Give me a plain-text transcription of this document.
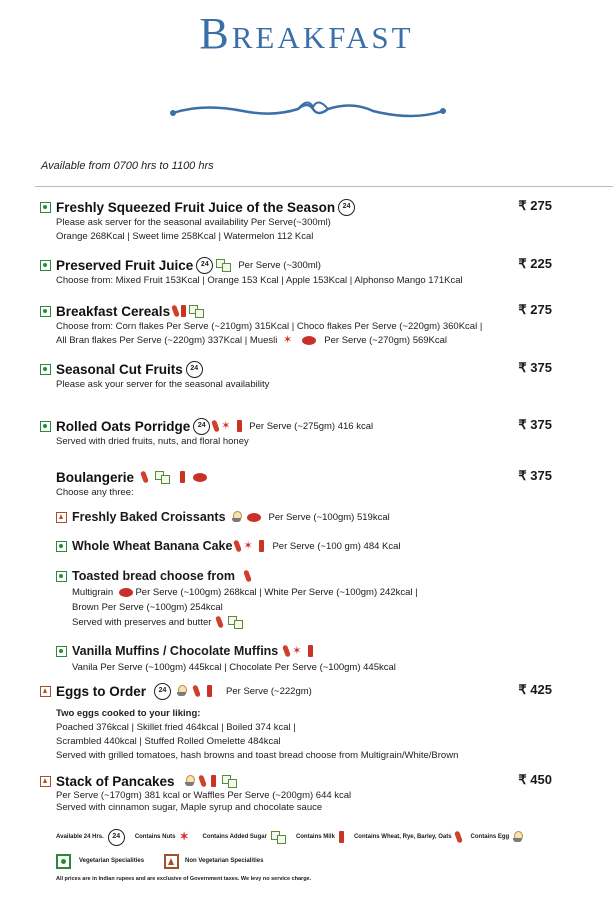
Breakfast
Available from 0700 hrs to 1100 hrs
Freshly Squeezed Fruit Juice of the Season	24	₹ 275
Please ask server for the seasonal availability Per Serve(~300ml)
Orange 268Kcal | Sweet lime 258Kcal | Watermelon 112 Kcal
Preserved Fruit Juice	24	Per Serve (~300ml)	₹ 225
Choose from: Mixed Fruit 153Kcal | Orange 153 Kcal | Apple 153Kcal | Alphonso Mango 171Kcal
Breakfast Cereals	₹ 275
Choose from: Corn flakes Per Serve (~210gm) 315Kcal | Choco flakes Per Serve (~220gm) 360Kcal |
All Bran flakes Per Serve (~220gm) 337Kcal | Muesli ✶	Per Serve (~270gm) 569Kcal
Seasonal Cut Fruits	24	₹ 375
Please ask your server for the seasonal availability
Rolled Oats Porridge	24 ✶	Per Serve (~275gm) 416 kcal	₹ 375
Served with dried fruits, nuts, and floral honey
Boulangerie	₹ 375
Choose any three:
Freshly Baked Croissants	Per Serve (~100gm) 519kcal
Whole Wheat Banana Cake ✶	Per Serve (~100 gm) 484 Kcal
Toasted bread choose from
Multigrain Per Serve (~100gm) 268kcal | White Per Serve (~100gm) 242kcal |
Brown Per Serve (~100gm) 254kcal
Served with preserves and butter
Vanilla Muffins / Chocolate Muffins
✶
Vanila Per Serve (~100gm) 445kcal | Chocolate Per Serve (~100gm) 445kcal
Eggs to Order	24	Per Serve (~222gm)	₹ 425
Two eggs cooked to your liking:
Poached 376kcal | Skillet fried 464kcal | Boiled 374 kcal |
Scrambled 440kcal | Stuffed Rolled Omelette 484kcal
Served with grilled tomatoes, hash browns and toast bread choose from Multigrain/White/Brown
Stack of Pancakes	₹ 450
Per Serve (~170gm) 381 kcal or Waffles Per Serve (~200gm) 644 kcal
Served with cinnamon sugar, Maple syrup and chocolate sauce
Available 24 Hrs.	24	Contains Nuts ✶	Contains Added Sugar	Contains Milk	Contains Wheat, Rye, Barley, Oats	Contains Egg
Vegetarian Specialities	Non Vegetarian Specialities
All prices are in Indian rupees and are exclusive of Government taxes. We levy no service charge.
